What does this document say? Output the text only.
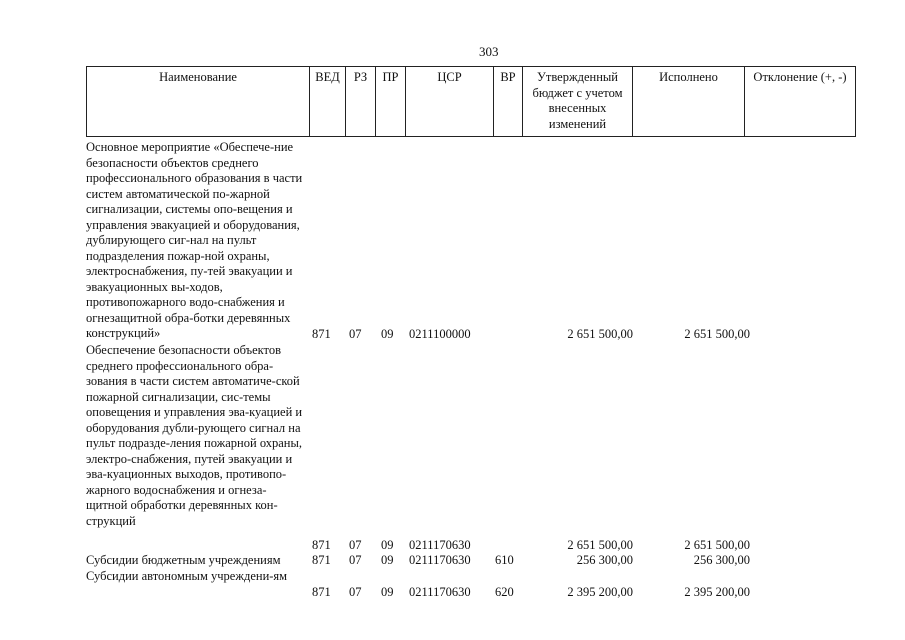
303
Наименование	ВЕД	РЗ	ПР	ЦСР	ВР	Утвержденный бюджет с учетом внесенных изменений	Исполнено	Отклонение (+, -)
Основное мероприятие «Обеспече-ние безопасности объектов среднего профессионального образования в части систем автоматической по-жарной сигнализации, системы опо-вещения и управления эвакуацией и оборудования, дублирующего сиг-нал на пульт подразделения пожар-ной охраны, электроснабжения, пу-тей эвакуации и эвакуационных вы-ходов, противопожарного водо-снабжения и огнезащитной обра-ботки деревянных конструкций»	871 07 09 0211100000	2 651 500,00	2 651 500,00
Обеспечение безопасности объектов среднего профессионального обра-зования в части систем автоматиче-ской пожарной сигнализации, сис-темы оповещения и управления эва-куацией и оборудования дубли-рующего сигнал на пульт подразде-ления пожарной охраны, электро-снабжения, путей эвакуации и эва-куационных выходов, противопо-жарного водоснабжения и огнеза-щитной обработки деревянных кон-струкций
871 07 09 0211170630	2 651 500,00	2 651 500,00
Субсидии бюджетным учреждениям	871 07 09 0211170630 610	256 300,00	256 300,00
Субсидии автономным учреждени-ям
871 07 09 0211170630 620	2 395 200,00	2 395 200,00
